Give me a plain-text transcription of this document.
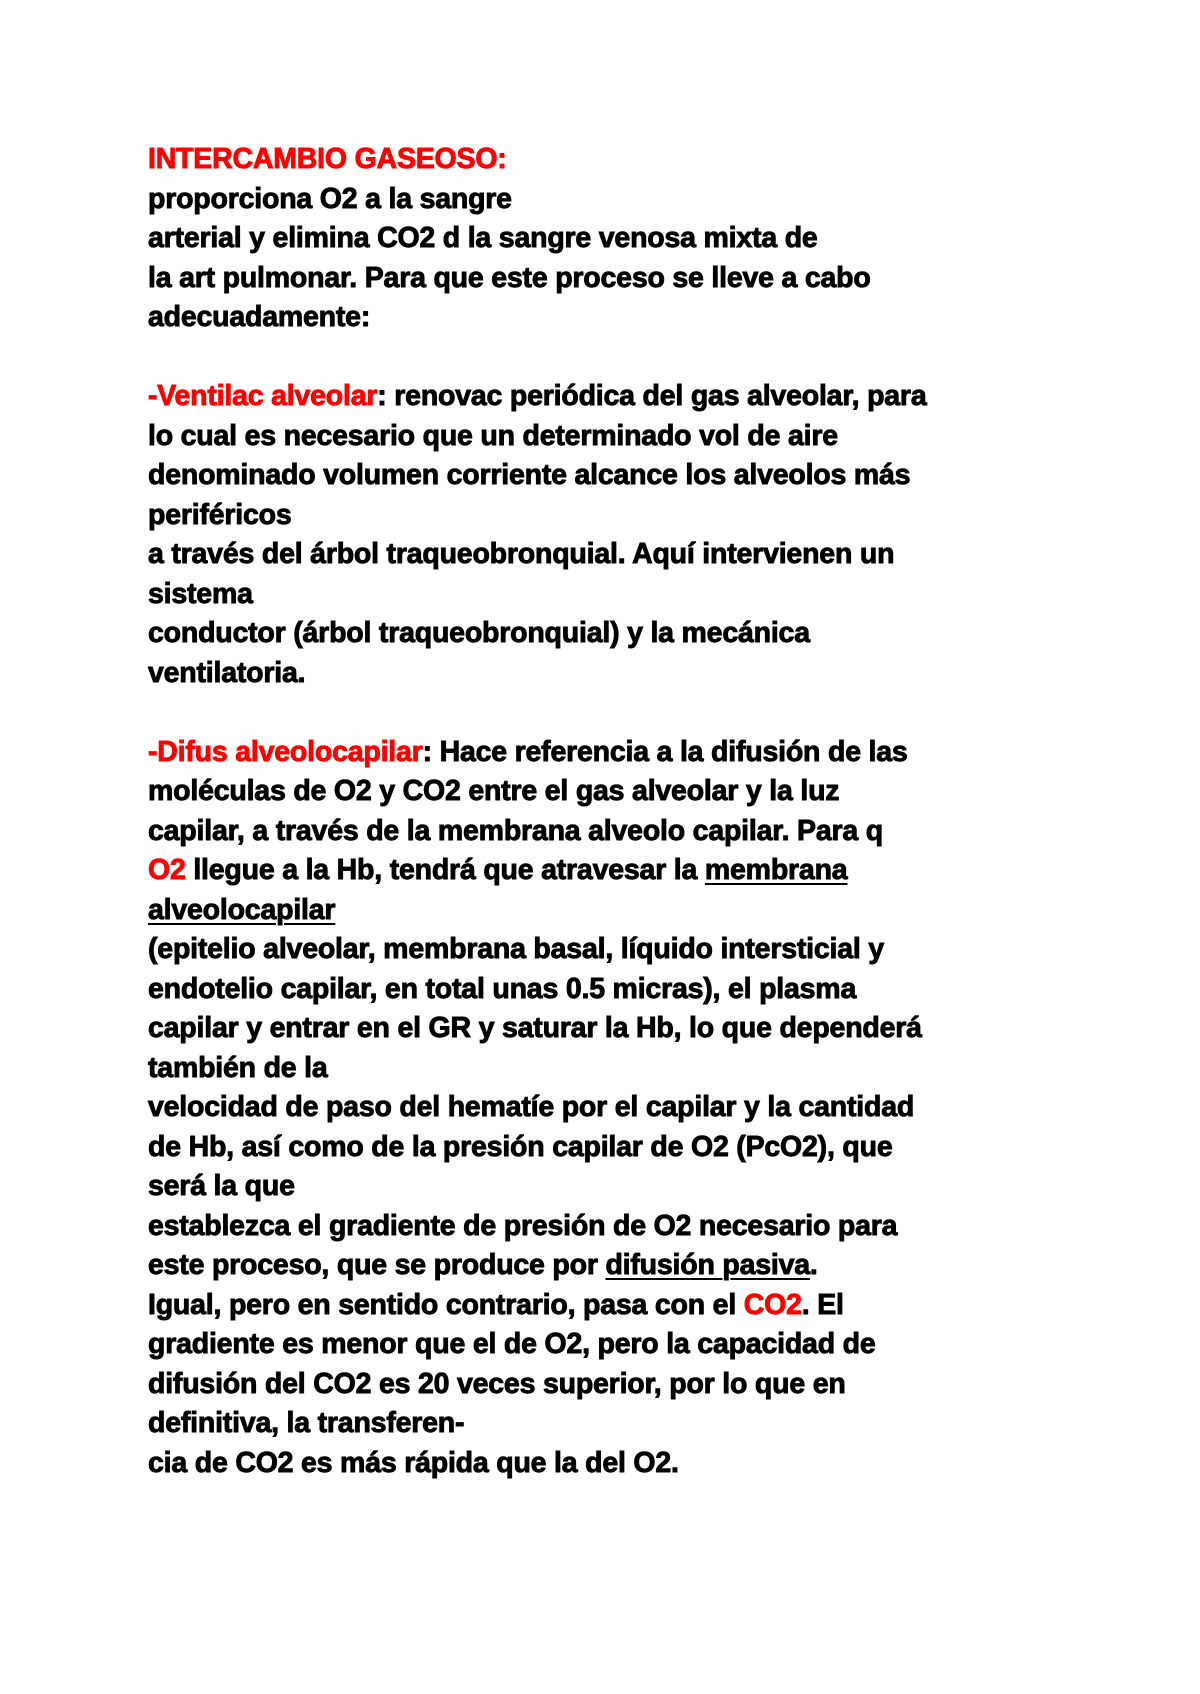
INTERCAMBIO GASEOSO:
proporciona O2 a la sangre
arterial y elimina CO2 d la sangre venosa mixta de
la art pulmonar. Para que este proceso se lleve a cabo
adecuadamente:
-Ventilac alveolar: renovac periódica del gas alveolar, para
lo cual es necesario que un determinado vol de aire
denominado volumen corriente alcance los alveolos más
periféricos
a través del árbol traqueobronquial. Aquí intervienen un
sistema
conductor (árbol traqueobronquial) y la mecánica
ventilatoria.
-Difus alveolocapilar: Hace referencia a la difusión de las
moléculas de O2 y CO2 entre el gas alveolar y la luz
capilar, a través de la membrana alveolo capilar. Para q
O2 llegue a la Hb, tendrá que atravesar la membrana
alveolocapilar
(epitelio alveolar, membrana basal, líquido intersticial y
endotelio capilar, en total unas 0.5 micras), el plasma
capilar y entrar en el GR y saturar la Hb, lo que dependerá
también de la
velocidad de paso del hematíe por el capilar y la cantidad
de Hb, así como de la presión capilar de O2 (PcO2), que
será la que
establezca el gradiente de presión de O2 necesario para
este proceso, que se produce por difusión pasiva.
Igual, pero en sentido contrario, pasa con el CO2. El
gradiente es menor que el de O2, pero la capacidad de
difusión del CO2 es 20 veces superior, por lo que en
definitiva, la transferen-
cia de CO2 es más rápida que la del O2.
